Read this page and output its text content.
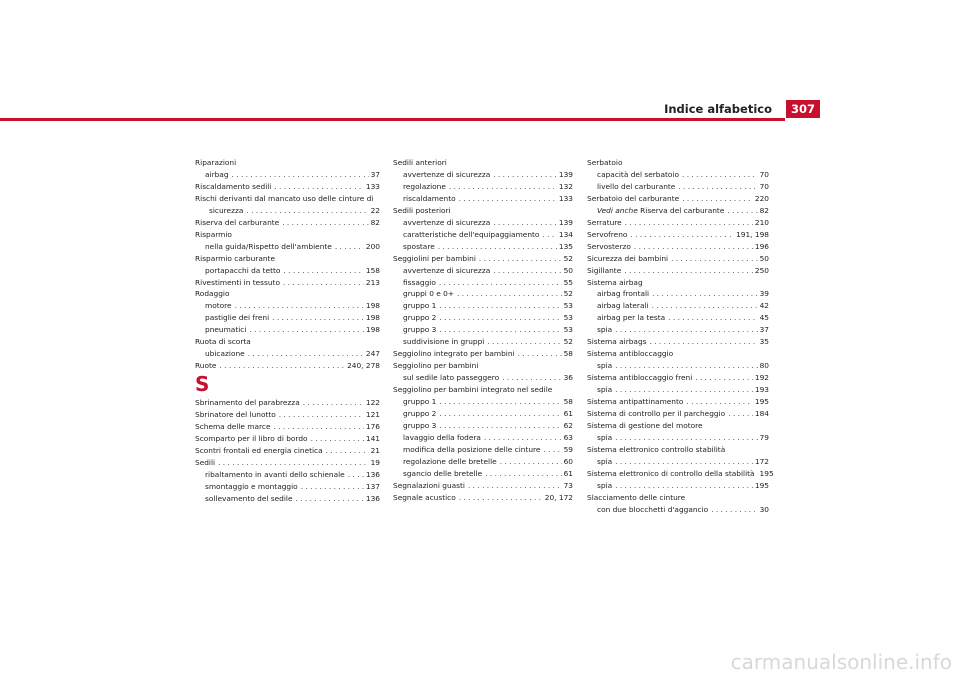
Indice alfabetico	307
Riparazioni
airbag . . .	37
Riscaldamento sedili . . .	133
Rischi derivanti dal mancato uso delle cinture di
sicurezza . . .	22
Riserva del carburante . . .	82
Risparmio
nella guida/Rispetto dell'ambiente . . .	200
Risparmio carburante
portapacchi da tetto . . .	158
Rivestimenti in tessuto . . .	213
Rodaggio
motore . . .	198
pastiglie dei freni . . .	198
pneumatici . . .	198
Ruota di scorta
ubicazione . . .	247
Ruote . . .	240, 278
S
Sbrinamento del parabrezza . . .	122
Sbrinatore del lunotto . . .	121
Schema delle marce . . .	176
Scomparto per il libro di bordo . . .	141
Scontri frontali ed energia cinetica . . .	21
Sedili . . .	19
ribaltamento in avanti dello schienale . . .	136
smontaggio e montaggio . . .	137
sollevamento del sedile . . .	136
Sedili anteriori
avvertenze di sicurezza . . .	139
regolazione . . .	132
riscaldamento . . .	133
Sedili posteriori
avvertenze di sicurezza . . .	139
caratteristiche dell'equipaggiamento . . .	134
spostare . . .	135
Seggiolini per bambini . . .	52
avvertenze di sicurezza . . .	50
fissaggio . . .	55
gruppi 0 e 0+ . . .	52
gruppo 1 . . .	53
gruppo 2 . . .	53
gruppo 3 . . .	53
suddivisione in gruppi . . .	52
Seggiolino integrato per bambini . . .	58
Seggiolino per bambini
sul sedile lato passeggero . . .	36
Seggiolino per bambini integrato nel sedile
gruppo 1 . . .	58
gruppo 2 . . .	61
gruppo 3 . . .	62
lavaggio della fodera . . .	63
modifica della posizione delle cinture . . .	59
regolazione delle bretelle . . .	60
sgancio delle bretelle . . .	61
Segnalazioni guasti . . .	73
Segnale acustico . . .	20, 172
Serbatoio
capacità del serbatoio . . .	70
livello del carburante . . .	70
Serbatoio del carburante . . .	220
Vedi anche Riserva del carburante . . .	82
Serrature . . .	210
Servofreno . . .	191, 198
Servosterzo . . .	196
Sicurezza dei bambini . . .	50
Sigillante . . .	250
Sistema airbag
airbag frontali . . .	39
airbag laterali . . .	42
airbag per la testa . . .	45
spia . . .	37
Sistema airbags . . .	35
Sistema antibloccaggio
spia . . .	80
Sistema antibloccaggio freni . . .	192
spia . . .	193
Sistema antipattinamento . . .	195
Sistema di controllo per il parcheggio . . .	184
Sistema di gestione del motore
spia . . .	79
Sistema elettronico controllo stabilità
spia . . .	172
Sistema elettronico di controllo della stabilità 195
spia . . .	195
Slacciamento delle cinture
con due blocchetti d'aggancio . . .	30
carmanualsonline.info
